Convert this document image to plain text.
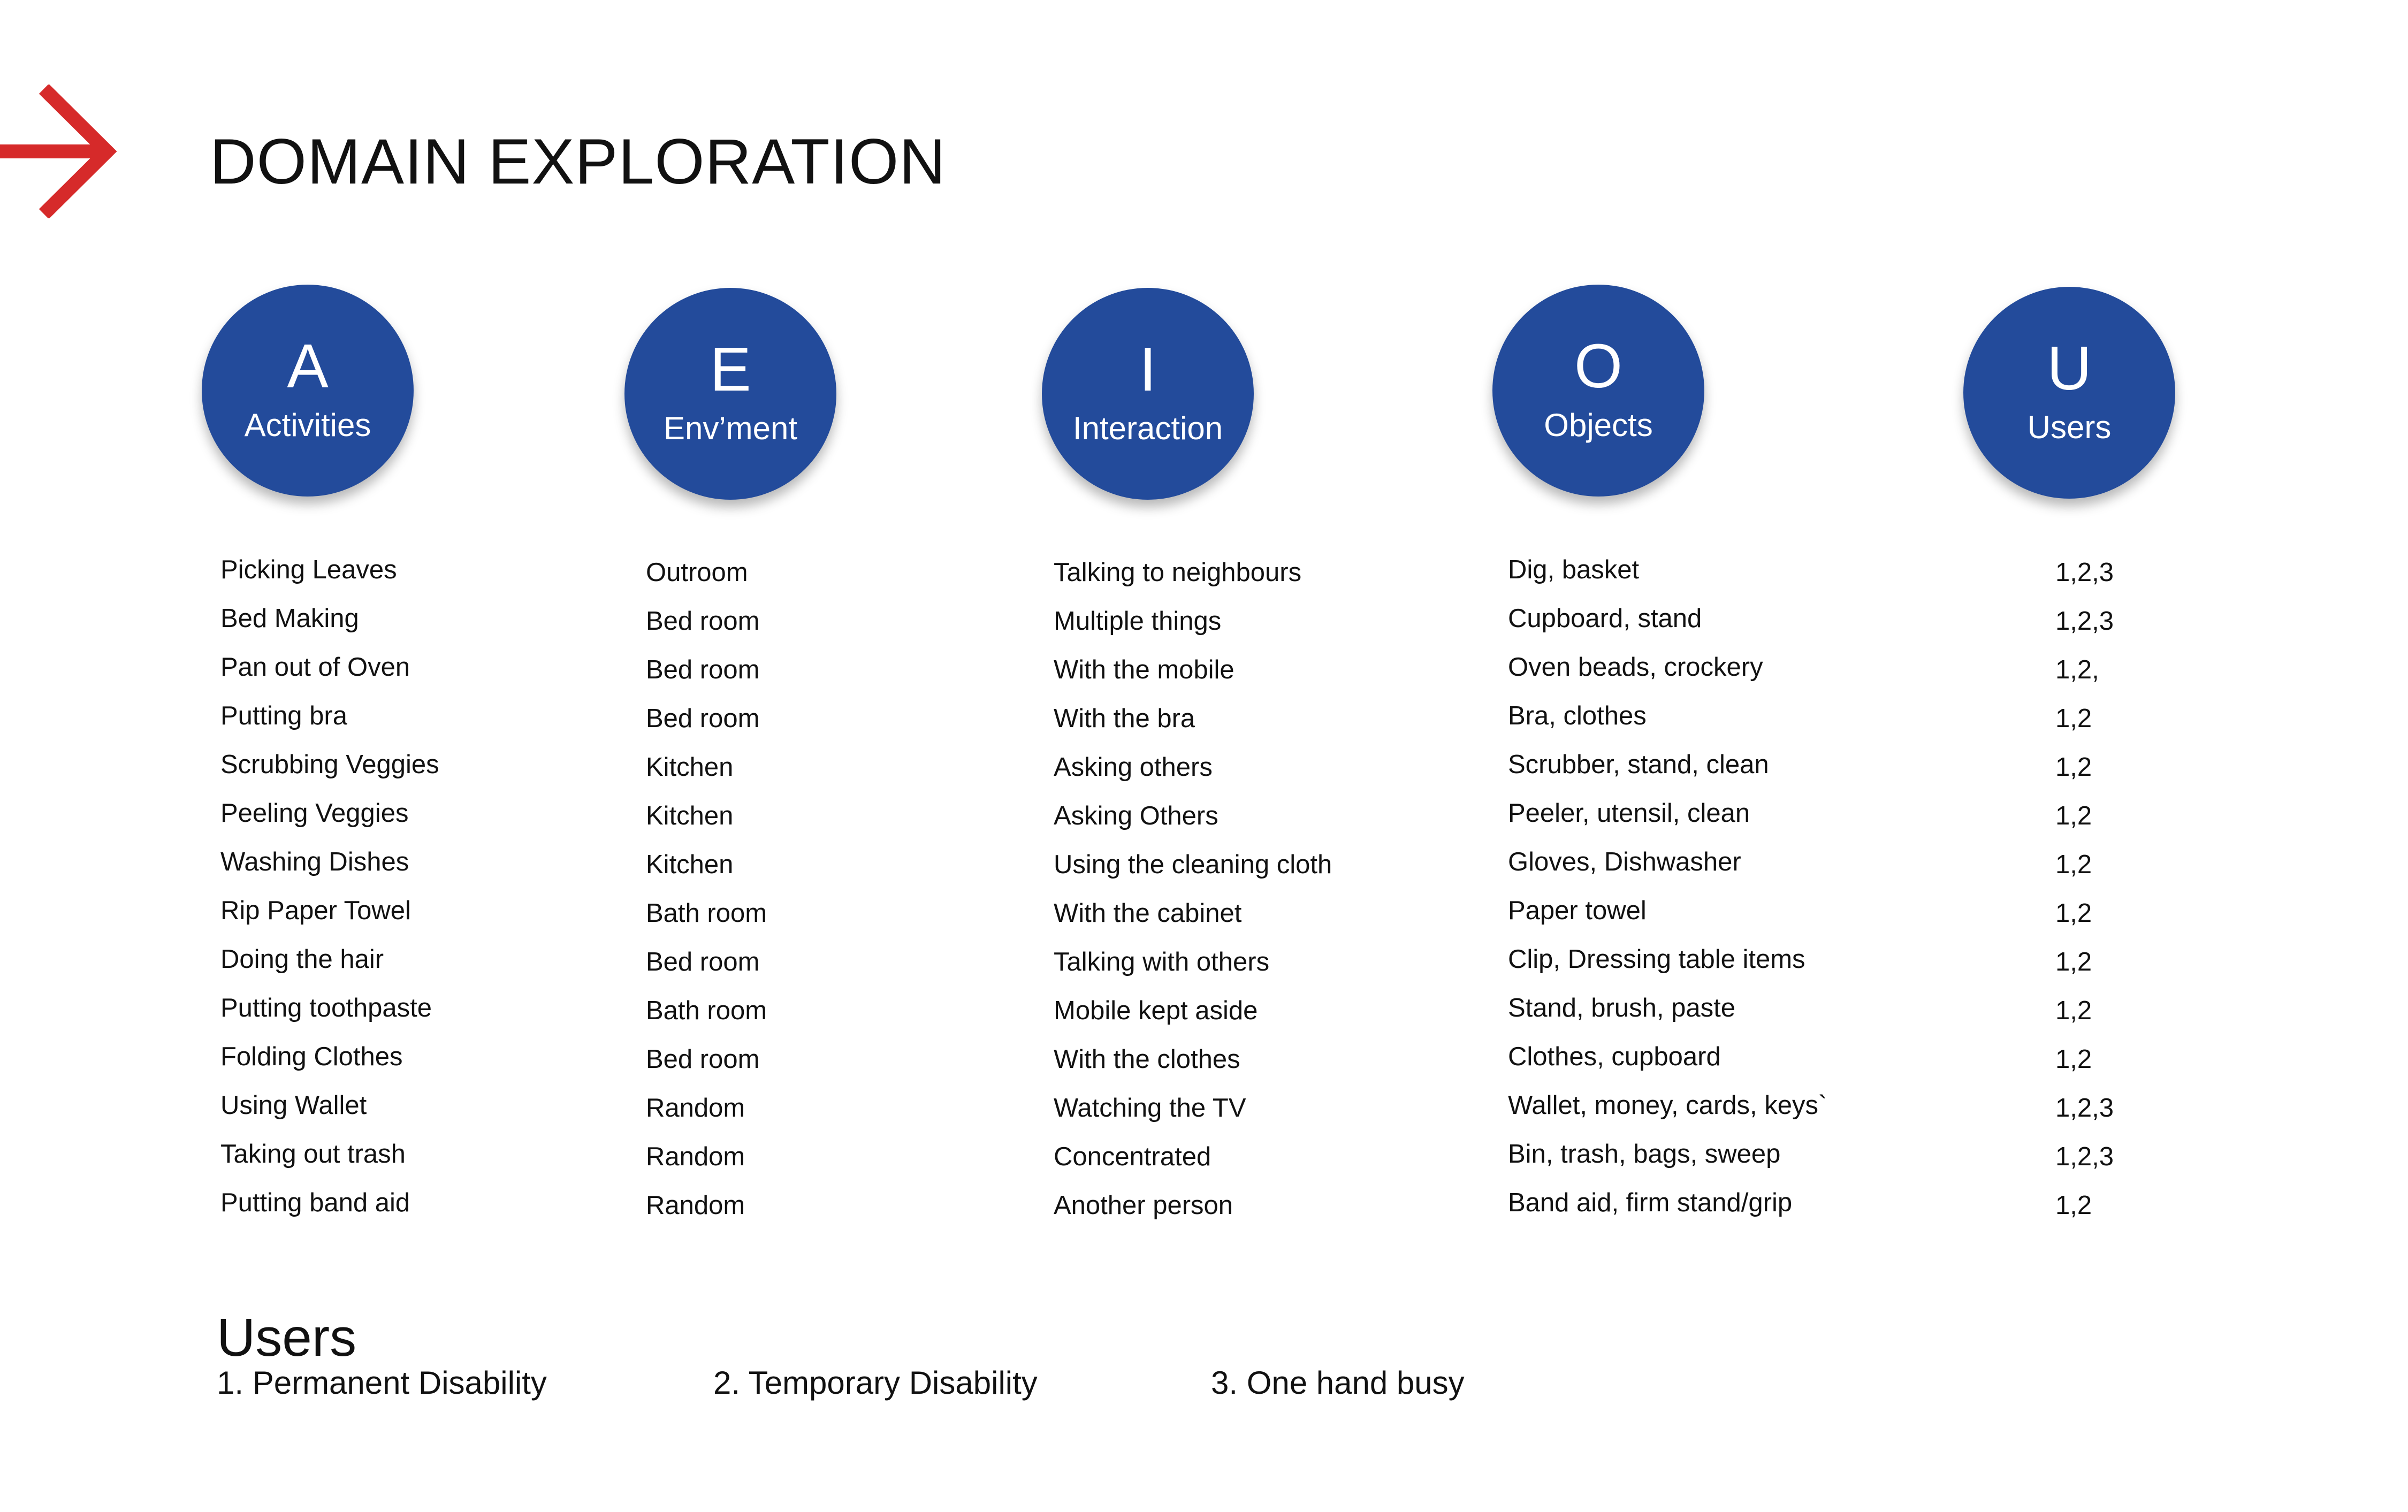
DOMAIN EXPLORATION
A
Activities
E
Env’ment
I
Interaction
O
Objects
U
Users
Picking Leaves
Bed Making
Pan out of Oven
Putting bra
Scrubbing Veggies
Peeling Veggies
Washing Dishes
Rip Paper Towel
Doing the hair
Putting toothpaste
Folding Clothes
Using Wallet
Taking out trash
Putting band aid
Outroom
Bed room
Bed room
Bed room
Kitchen
Kitchen
Kitchen
Bath room
Bed room
Bath room
Bed room
Random
Random
Random
Talking to neighbours
Multiple things
With the mobile
With the bra
Asking others
Asking Others
Using the cleaning cloth
With the cabinet
Talking with others
Mobile kept aside
With the clothes
Watching the TV
Concentrated
Another person
Dig, basket
Cupboard, stand
Oven beads, crockery
Bra, clothes
Scrubber, stand, clean
Peeler, utensil, clean
Gloves, Dishwasher
Paper towel
Clip, Dressing table items
Stand, brush, paste
Clothes, cupboard
Wallet, money, cards, keys`
Bin, trash, bags, sweep
Band aid, firm stand/grip
1,2,3
1,2,3
1,2,
1,2
1,2
1,2
1,2
1,2
1,2
1,2
1,2
1,2,3
1,2,3
1,2
Users
1. Permanent Disability	2. Temporary Disability	3. One hand busy
